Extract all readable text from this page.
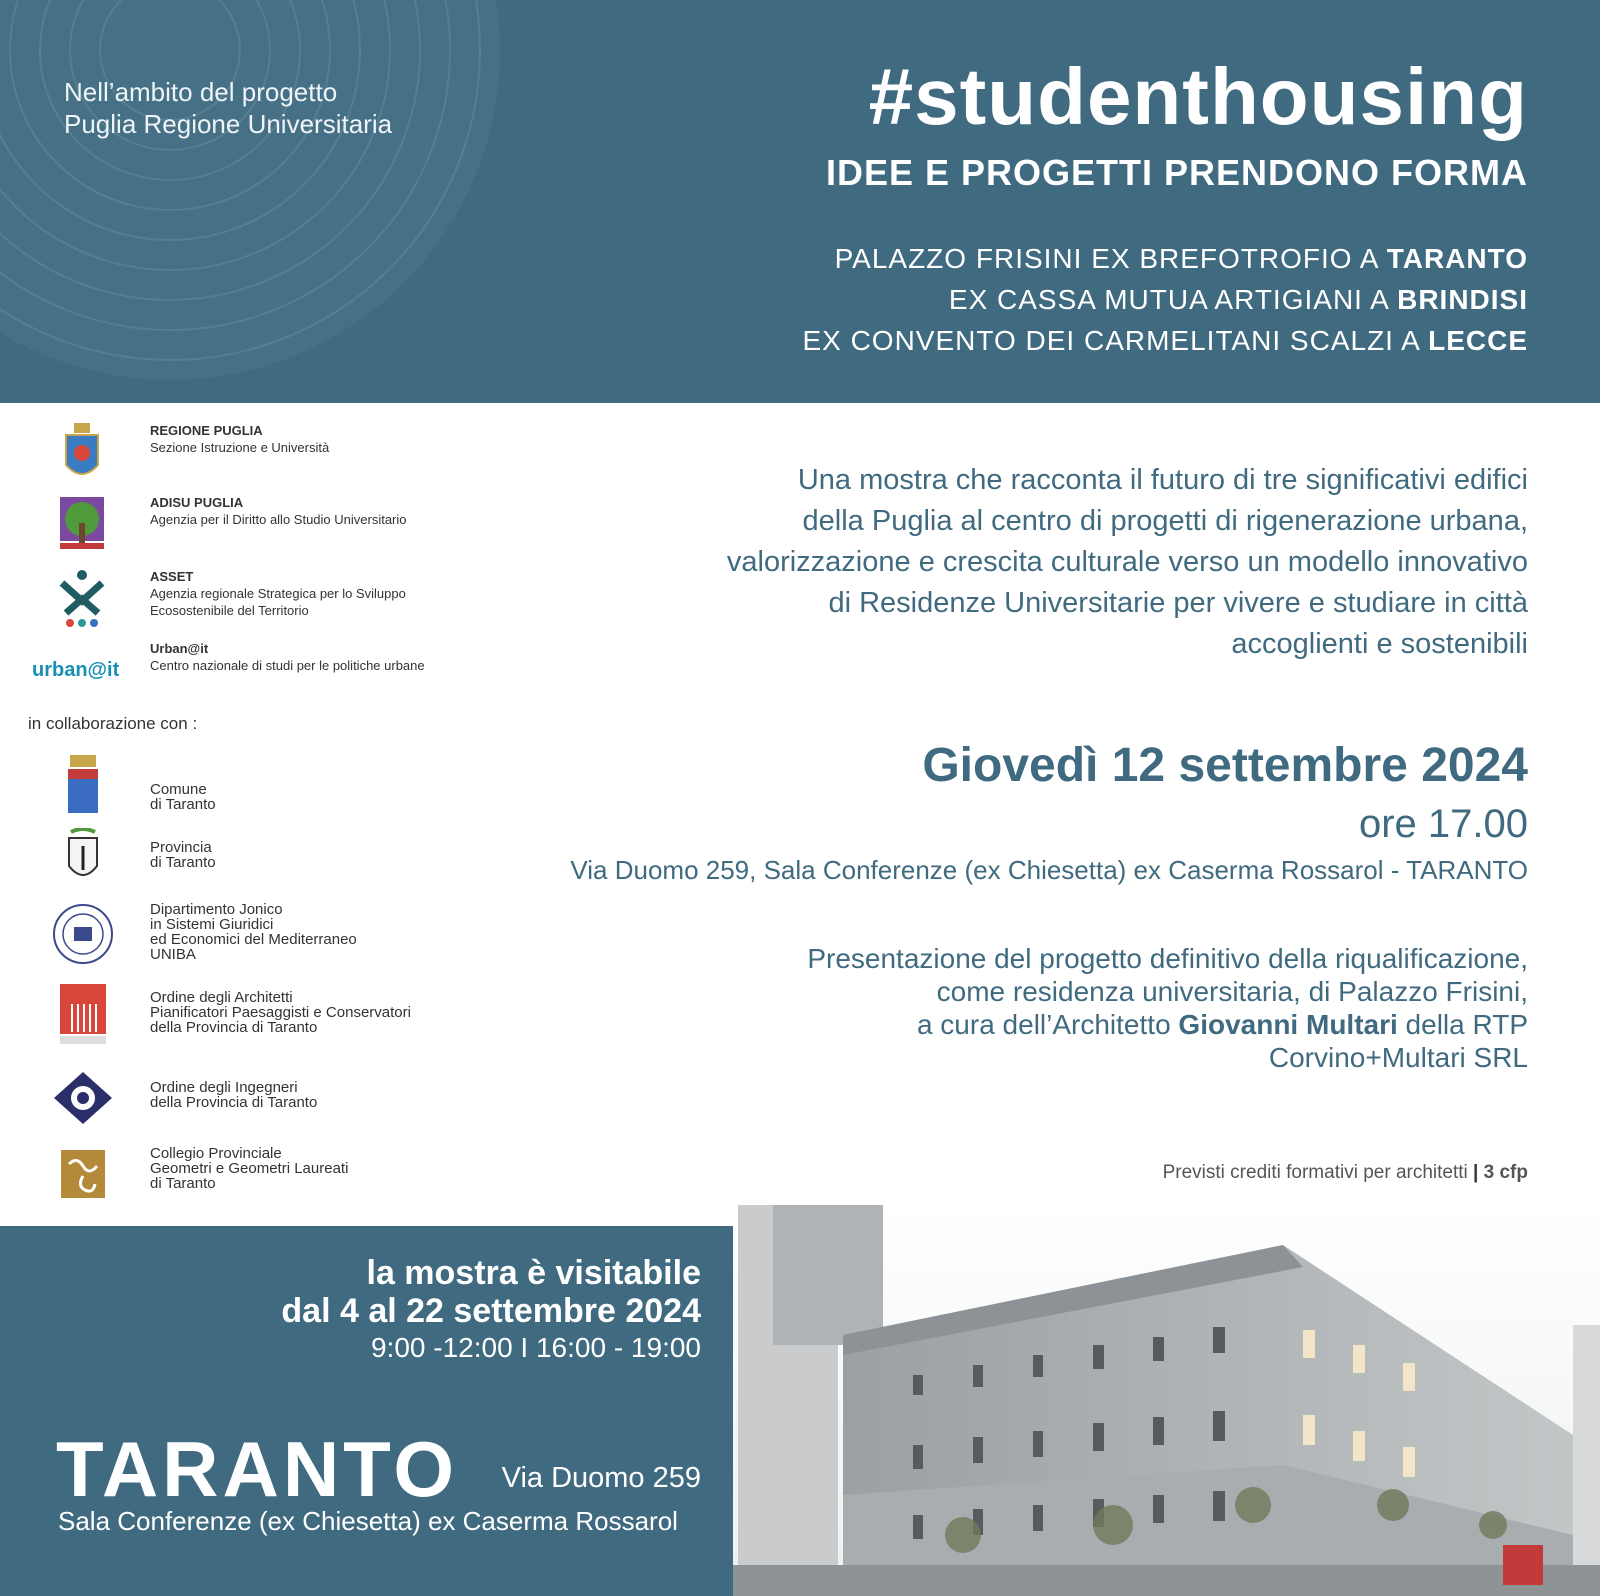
Nell’ambito del progetto
Puglia Regione Universitaria	#studenthousing
IDEE E PROGETTI PRENDONO FORMA
PALAZZO FRISINI EX BREFOTROFIO A TARANTO
EX CASSA MUTUA ARTIGIANI A BRINDISI
EX CONVENTO DEI CARMELITANI SCALZI A LECCE
REGIONE PUGLIA
Sezione Istruzione e Università
ADISU PUGLIA
Agenzia per il Diritto allo Studio Universitario
ASSET
Agenzia regionale Strategica per lo Sviluppo
Ecosostenibile del Territorio
urban@it
Urban@it
Centro nazionale di studi per le politiche urbane
in collaborazione con :
Comune
di Taranto
Provincia
di Taranto
Dipartimento Jonico
in Sistemi Giuridici
ed Economici del Mediterraneo
UNIBA
Ordine degli Architetti
Pianificatori Paesaggisti e Conservatori
della Provincia di Taranto
Ordine degli Ingegneri
della Provincia di Taranto
Collegio Provinciale
Geometri e Geometri Laureati
di Taranto
Una mostra che racconta il futuro di tre significativi edifici
della Puglia al centro di progetti di rigenerazione urbana,
valorizzazione e crescita culturale verso un modello innovativo
di Residenze Universitarie per vivere e studiare in città
accoglienti e sostenibili
Giovedì 12 settembre 2024
ore 17.00
Via Duomo 259, Sala Conferenze (ex Chiesetta) ex Caserma Rossarol - TARANTO
Presentazione del progetto definitivo della riqualificazione,
come residenza universitaria, di Palazzo Frisini,
a cura dell’Architetto Giovanni Multari della RTP
Corvino+Multari SRL
Previsti crediti formativi per architetti | 3 cfp
la mostra è visitabile
dal 4 al 22 settembre 2024
9:00 -12:00 I 16:00 - 19:00
TARANTO Via Duomo 259
Sala Conferenze (ex Chiesetta) ex Caserma Rossarol
